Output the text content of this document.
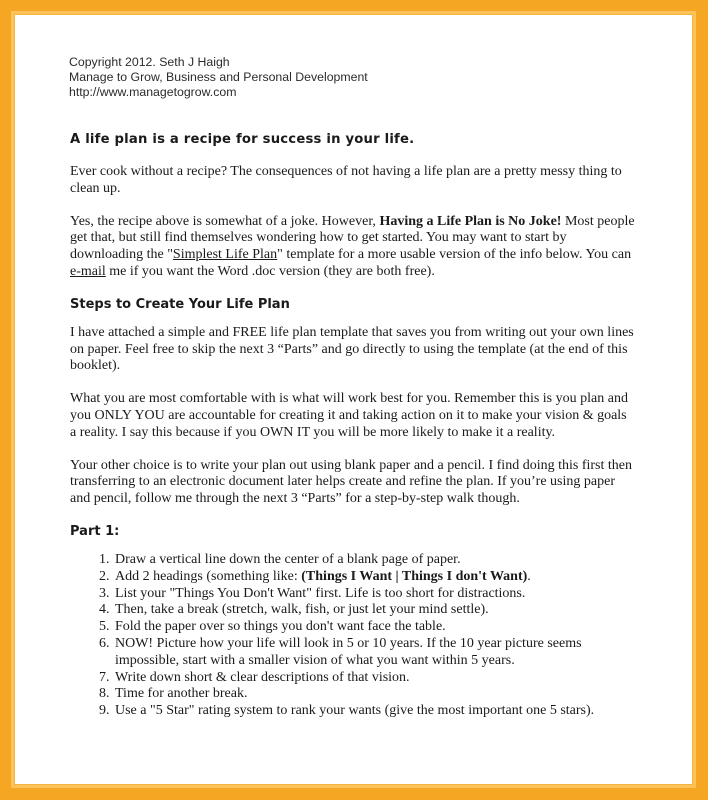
Copyright 2012. Seth J Haigh
Manage to Grow, Business and Personal Development
http://www.managetogrow.com
A life plan is a recipe for success in your life.

Ever cook without a recipe? The consequences of not having a life plan are a pretty messy thing to clean up.

Yes, the recipe above is somewhat of a joke. However, Having a Life Plan is No Joke! Most people get that, but still find themselves wondering how to get started. You may want to start by downloading the "Simplest Life Plan" template for a more usable version of the info below. You can e-mail me if you want the Word .doc version (they are both free).

Steps to Create Your Life Plan

I have attached a simple and FREE life plan template that saves you from writing out your own lines on paper. Feel free to skip the next 3 “Parts” and go directly to using the template (at the end of this booklet).

What you are most comfortable with is what will work best for you. Remember this is you plan and you ONLY YOU are accountable for creating it and taking action on it to make your vision & goals a reality. I say this because if you OWN IT you will be more likely to make it a reality.

Your other choice is to write your plan out using blank paper and a pencil. I find doing this first then transferring to an electronic document later helps create and refine the plan. If you’re using paper and pencil, follow me through the next 3 “Parts” for a step-by-step walk though.

Part 1:
1. Draw a vertical line down the center of a blank page of paper.
2. Add 2 headings (something like: (Things I Want | Things I don't Want).
3. List your "Things You Don't Want" first. Life is too short for distractions.
4. Then, take a break (stretch, walk, fish, or just let your mind settle).
5. Fold the paper over so things you don't want face the table.
6. NOW! Picture how your life will look in 5 or 10 years. If the 10 year picture seems impossible, start with a smaller vision of what you want within 5 years.
7. Write down short & clear descriptions of that vision.
8. Time for another break.
9. Use a "5 Star" rating system to rank your wants (give the most important one 5 stars).
